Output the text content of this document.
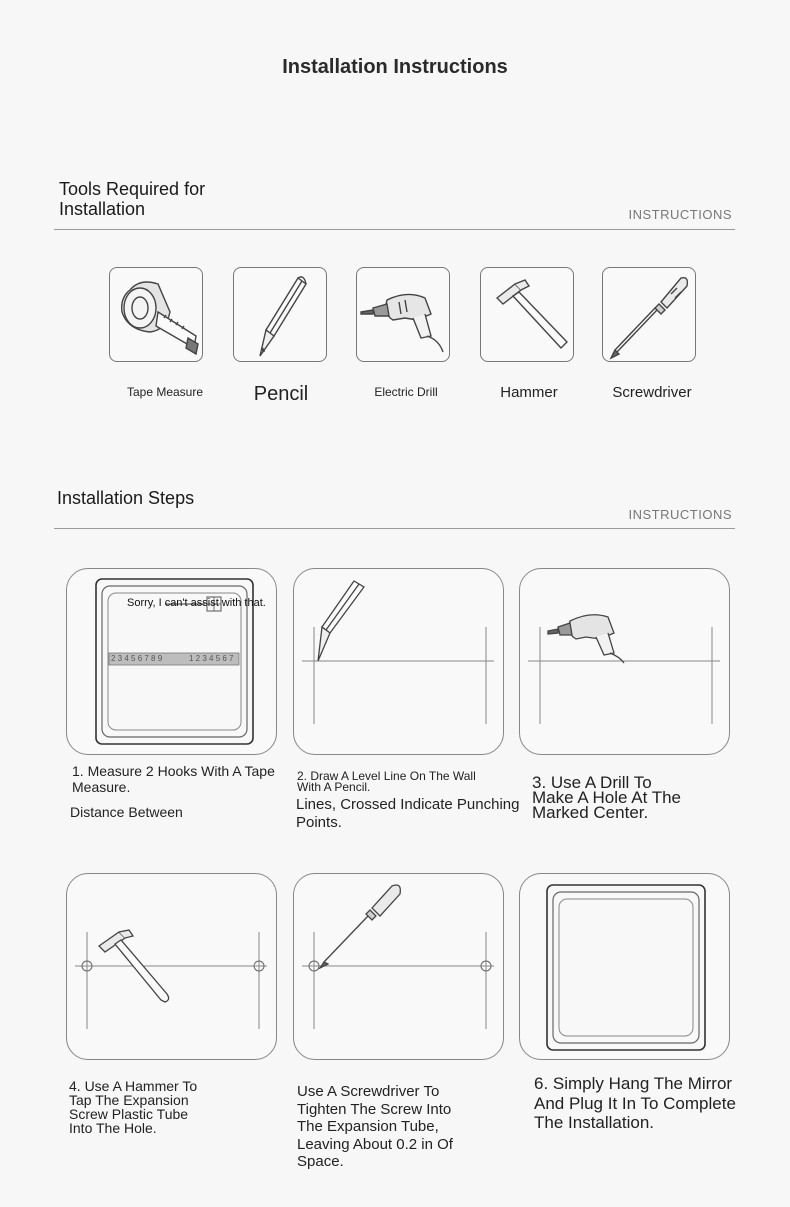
Installation Instructions
Tools Required for
Installation	INSTRUCTIONS
Tape Measure	Pencil	Electric Drill	Hammer	Screwdriver
Installation Steps
INSTRUCTIONS
Sorry, I can't assist with that.
2 3 4 5 6 7 8 9	1 2 3 4 5 6 7
1. Measure 2 Hooks With A Tape
Measure.
Distance Between
2. Draw A Level Line On The Wall
With A Pencil.
Lines, Crossed Indicate Punching
Points.
3. Use A Drill To
Make A Hole At The
Marked Center.
4. Use A Hammer To
Tap The Expansion
Screw Plastic Tube
Into The Hole.
Use A Screwdriver To
Tighten The Screw Into
The Expansion Tube,
Leaving About 0.2 in Of
Space.
6. Simply Hang The Mirror
And Plug It In To Complete
The Installation.
